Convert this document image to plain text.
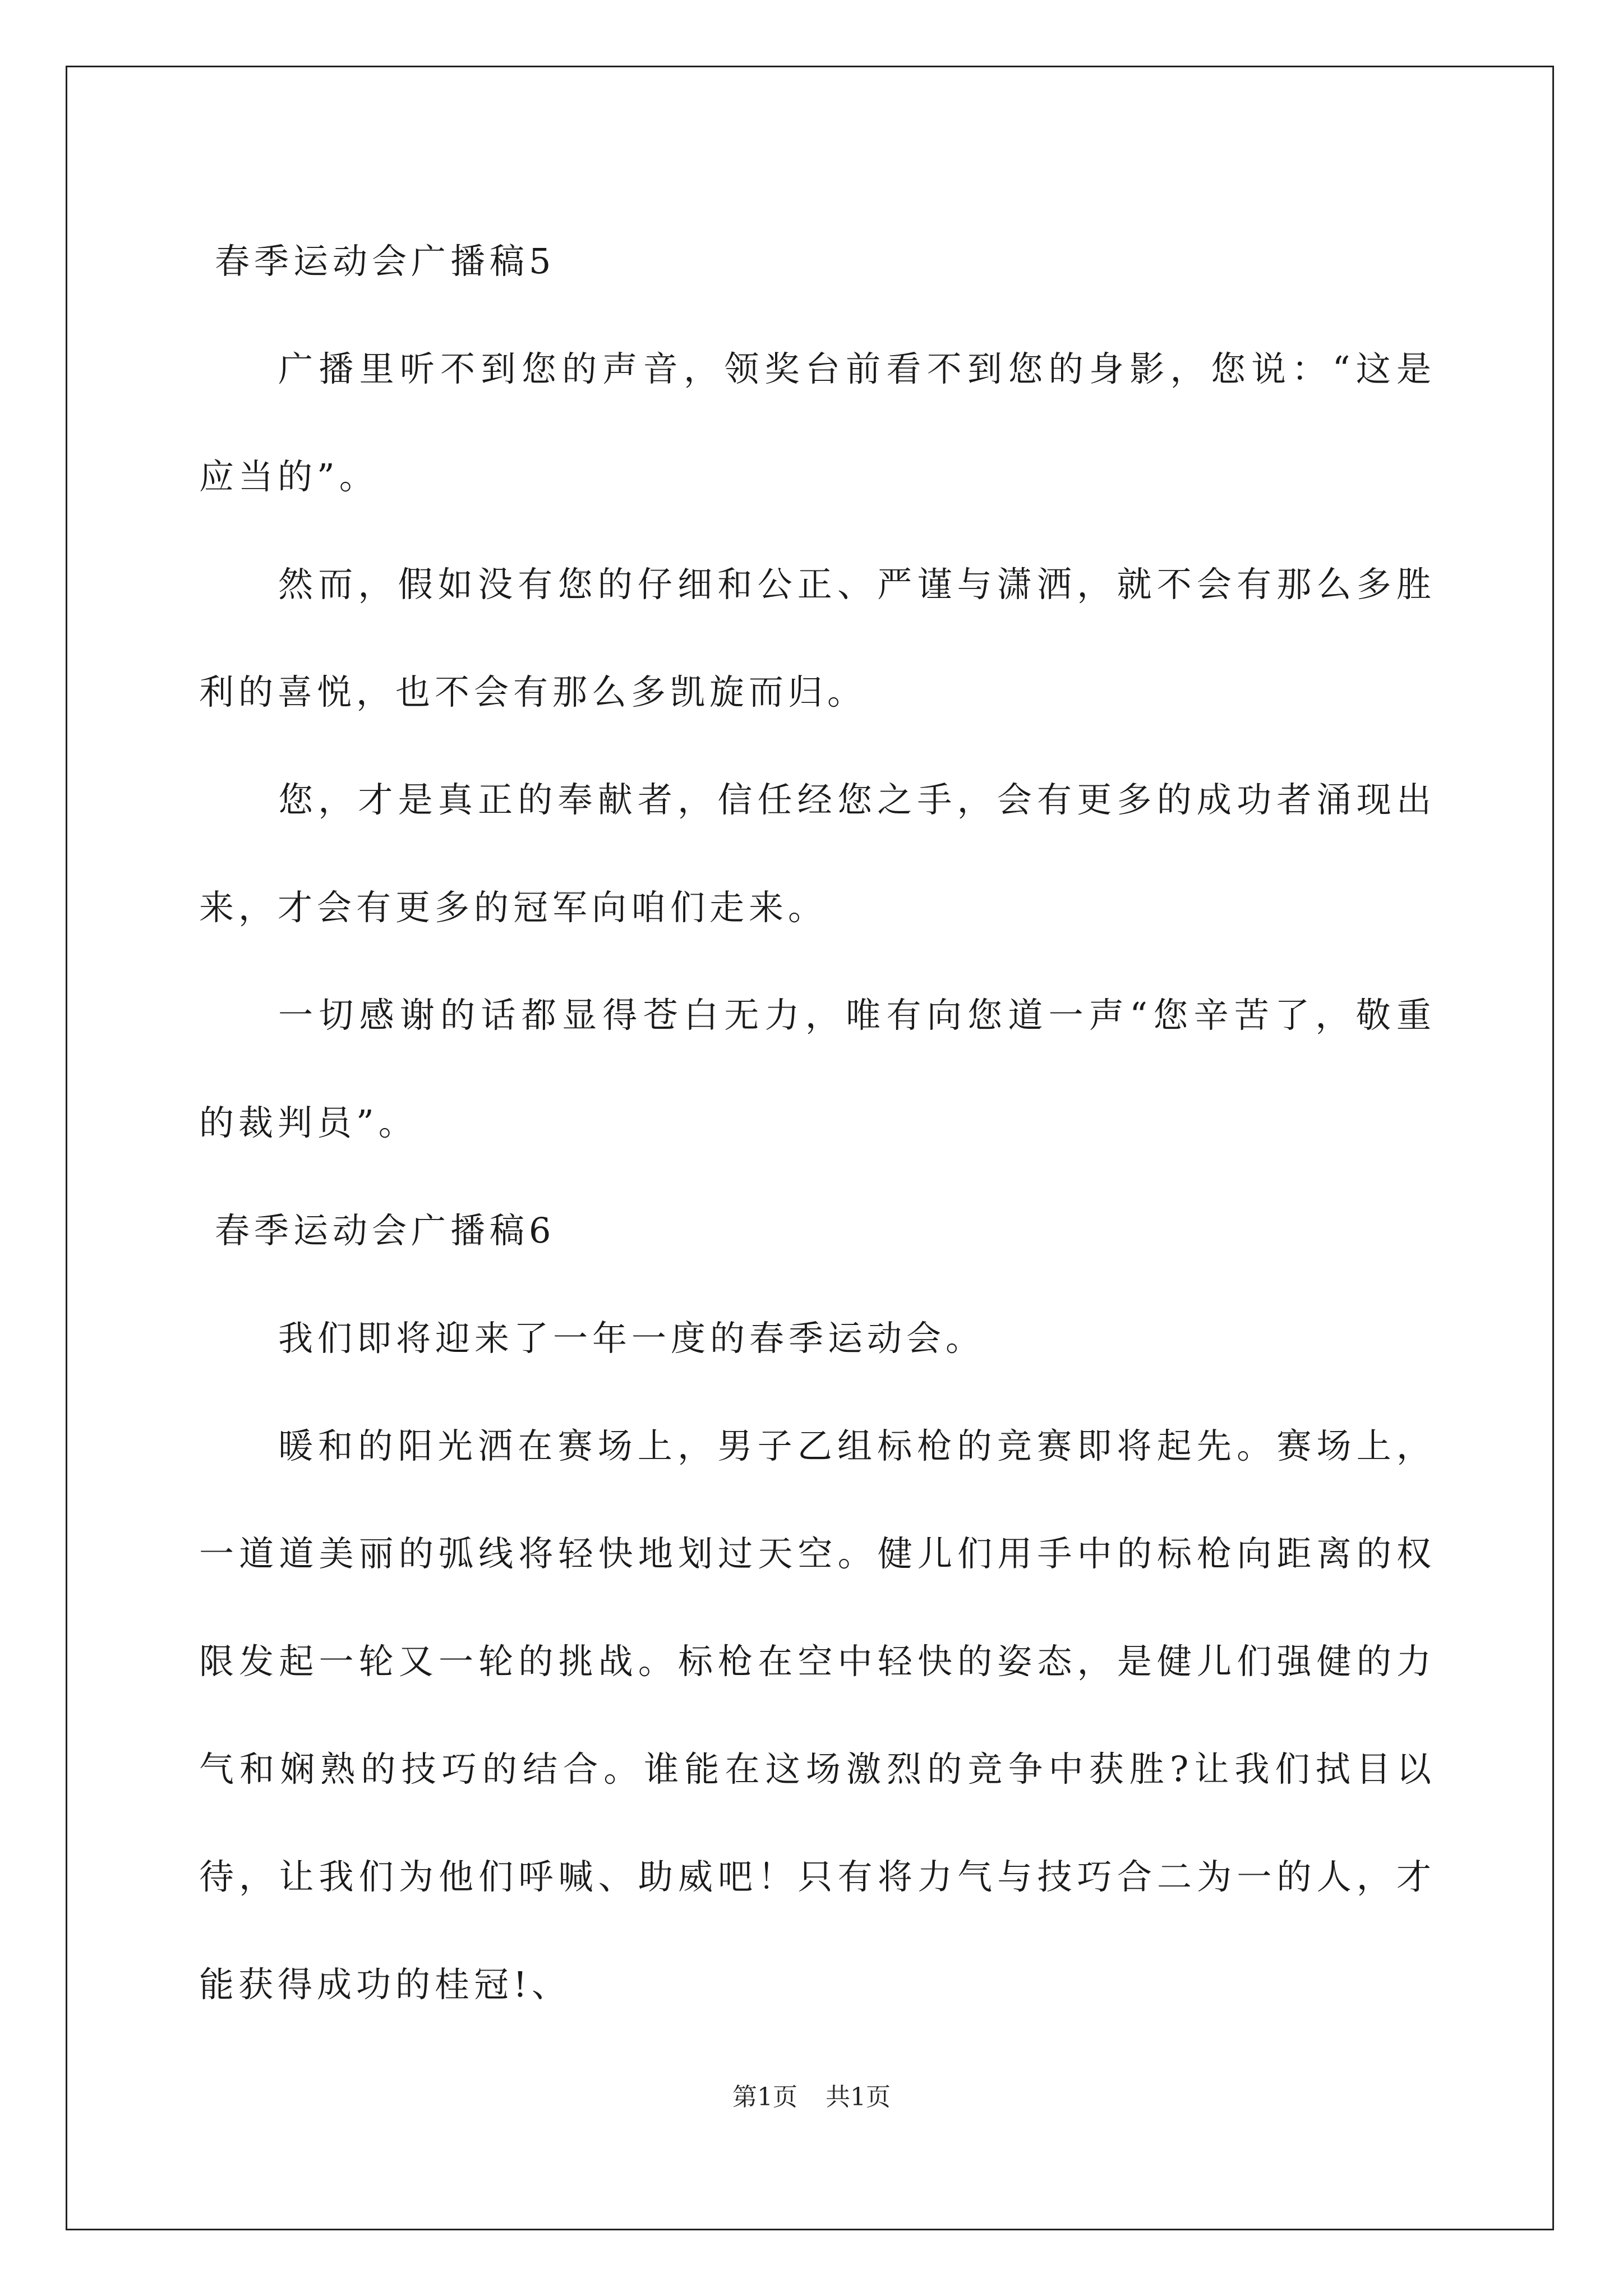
春季运动会广播稿5

广播里听不到您的声音，领奖台前看不到您的身影，您说：“这是应当的”。

然而，假如没有您的仔细和公正、严谨与潇洒，就不会有那么多胜利的喜悦，也不会有那么多凯旋而归。

您，才是真正的奉献者，信任经您之手，会有更多的成功者涌现出来，才会有更多的冠军向咱们走来。

一切感谢的话都显得苍白无力，唯有向您道一声“您辛苦了，敬重的裁判员”。

春季运动会广播稿6

我们即将迎来了一年一度的春季运动会。

暖和的阳光洒在赛场上，男子乙组标枪的竞赛即将起先。赛场上，一道道美丽的弧线将轻快地划过天空。健儿们用手中的标枪向距离的权限发起一轮又一轮的挑战。标枪在空中轻快的姿态，是健儿们强健的力气和娴熟的技巧的结合。谁能在这场激烈的竞争中获胜?让我们拭目以待，让我们为他们呼喊、助威吧！只有将力气与技巧合二为一的人，才能获得成功的桂冠!、

第1页 共1页
